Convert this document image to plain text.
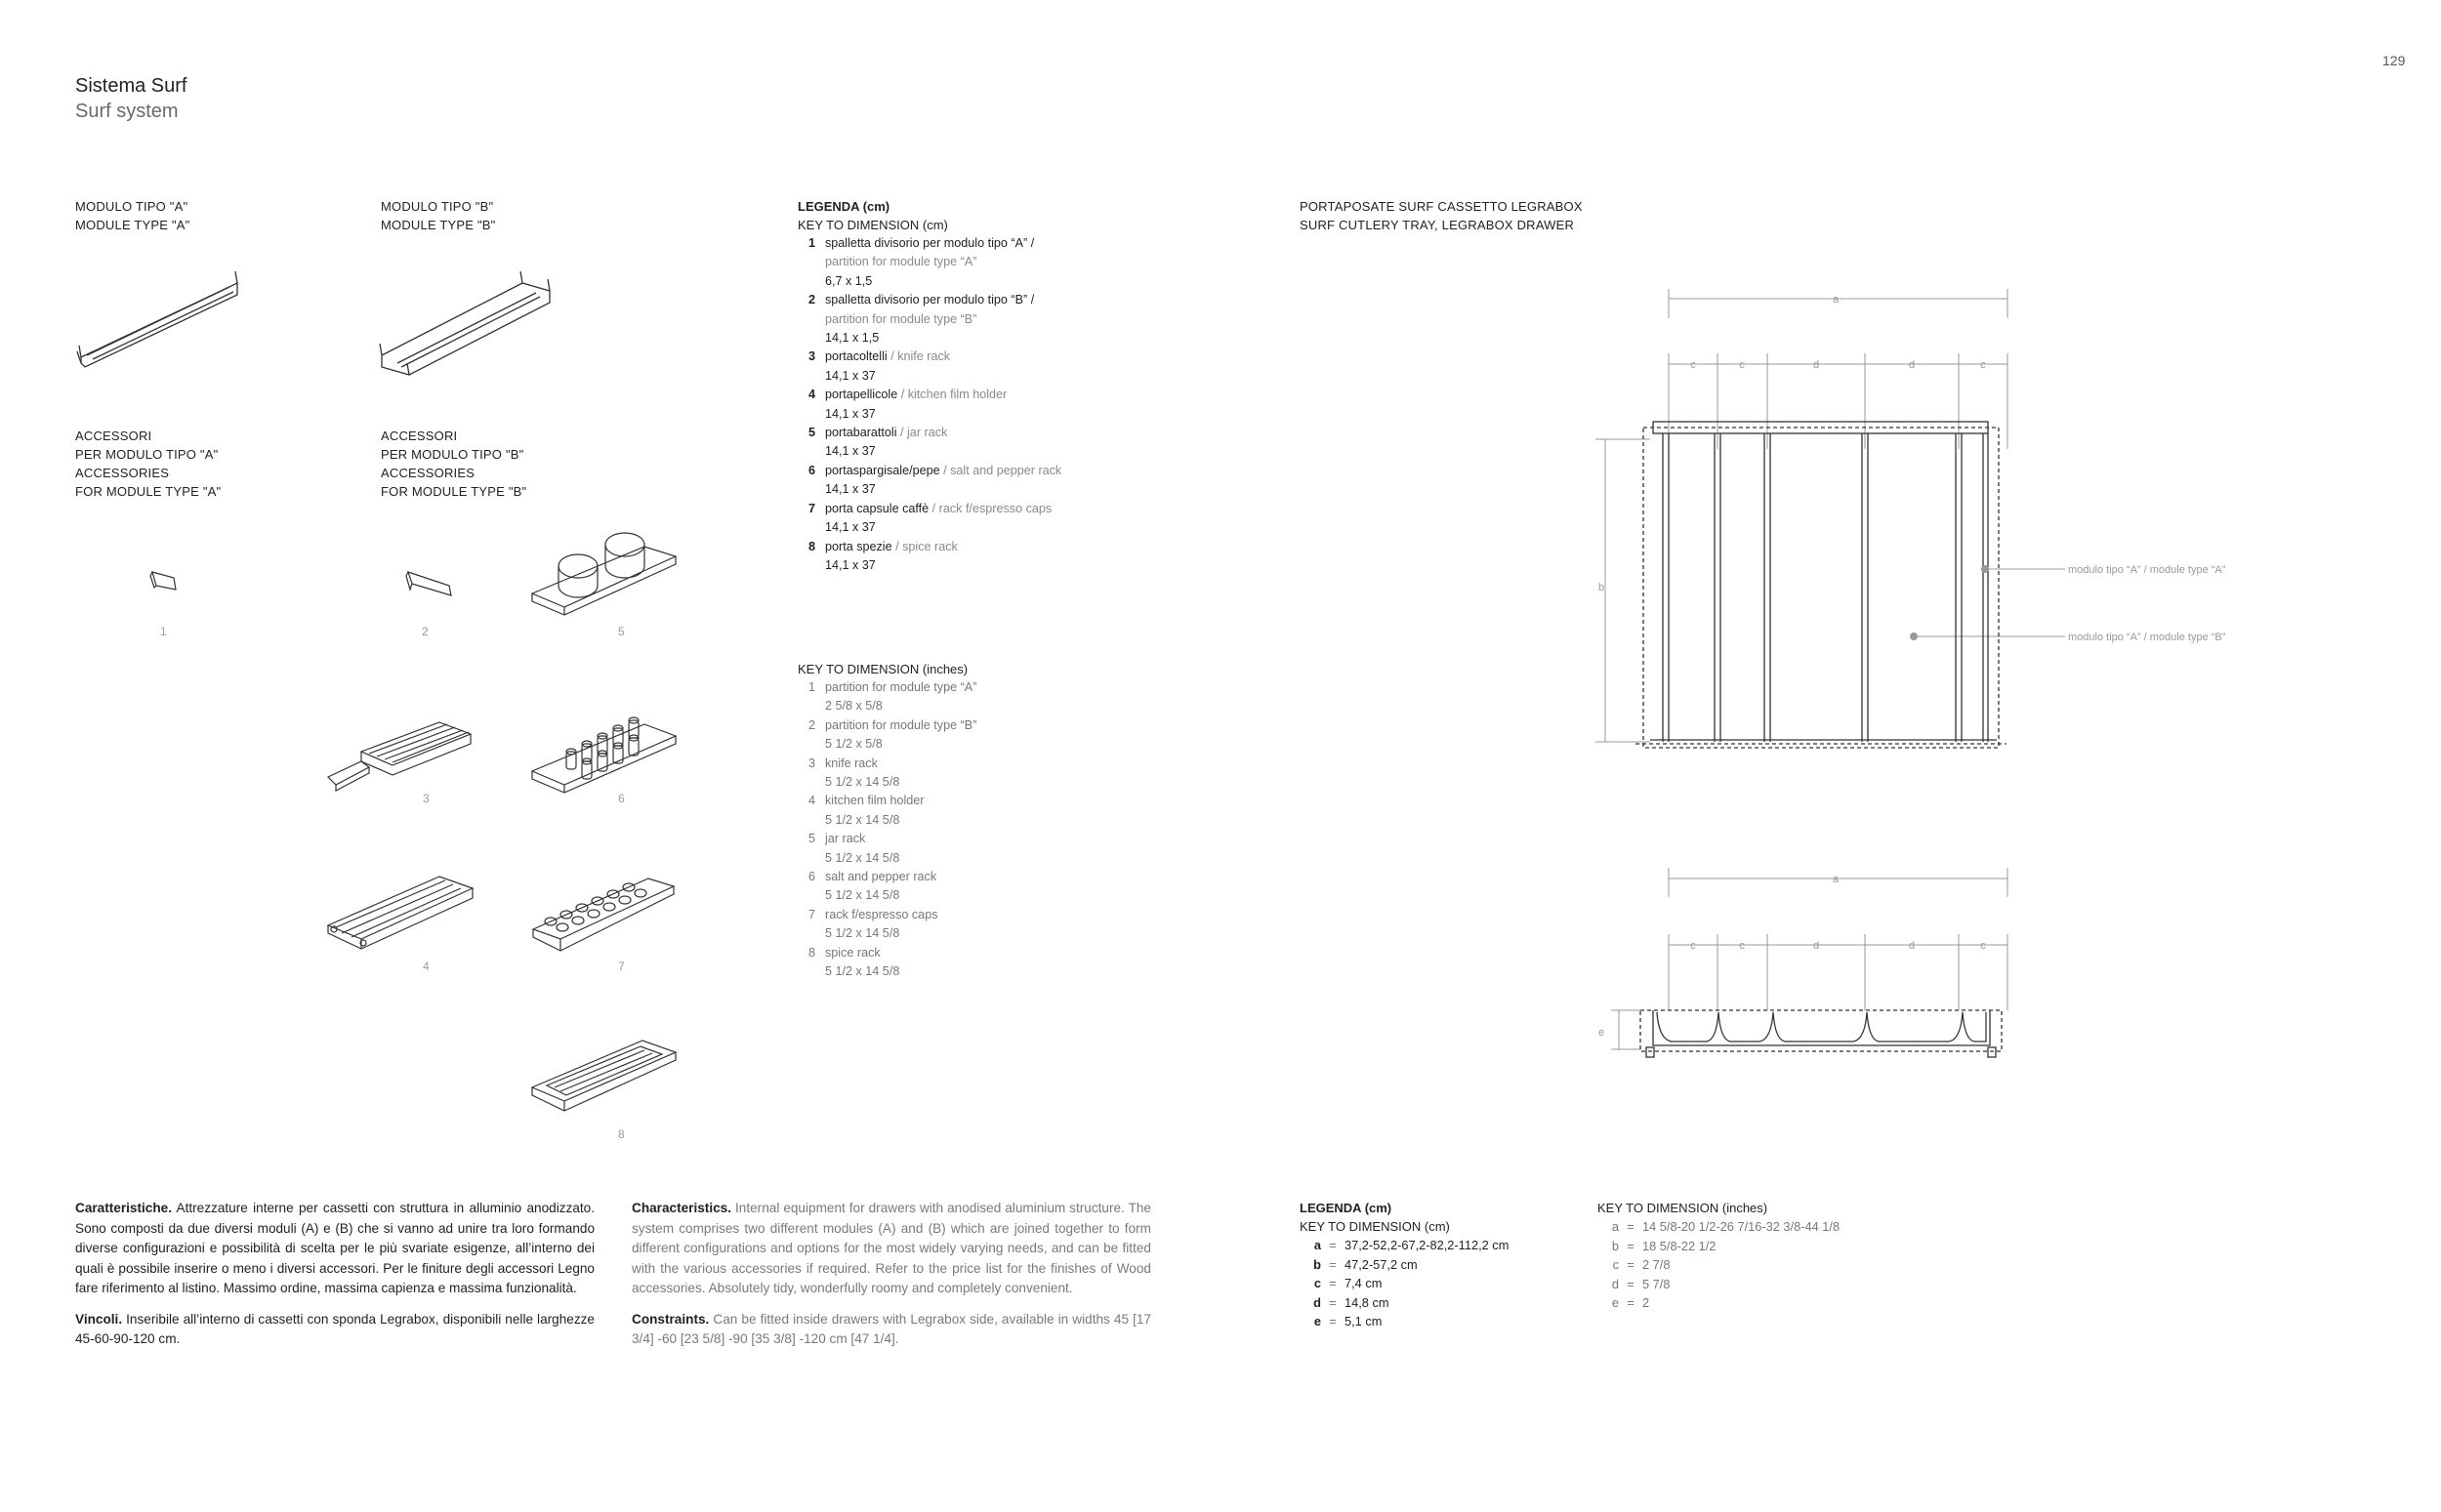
129
Sistema Surf
Surf system
MODULO TIPO "A"
MODULE TYPE "A"
MODULO TIPO "B"
MODULE TYPE "B"
ACCESSORI
PER MODULO TIPO "A"
ACCESSORIES
FOR MODULE TYPE "A"
ACCESSORI
PER MODULO TIPO "B"
ACCESSORIES
FOR MODULE TYPE "B"
1	2	5
3	6
4	7
8
LEGENDA (cm)
KEY TO DIMENSION (cm)
1 spalletta divisorio per modulo tipo “A” /
partition for module type “A”
6,7 x 1,5
2 spalletta divisorio per modulo tipo “B” /
partition for module type “B”
14,1 x 1,5
3 portacoltelli / knife rack
14,1 x 37
4 portapellicole / kitchen film holder
14,1 x 37
5 portabarattoli / jar rack
14,1 x 37
6 portaspargisale/pepe / salt and pepper rack
14,1 x 37
7 porta capsule caffè / rack f/espresso caps
14,1 x 37
8 porta spezie / spice rack
14,1 x 37
KEY TO DIMENSION (inches)
1 partition for module type “A”
2 5/8 x 5/8
2 partition for module type “B”
5 1/2 x 5/8
3 knife rack
5 1/2 x 14 5/8
4 kitchen film holder
5 1/2 x 14 5/8
5 jar rack
5 1/2 x 14 5/8
6 salt and pepper rack
5 1/2 x 14 5/8
7 rack f/espresso caps
5 1/2 x 14 5/8
8 spice rack
5 1/2 x 14 5/8
PORTAPOSATE SURF CASSETTO LEGRABOX
SURF CUTLERY TRAY, LEGRABOX DRAWER
a
c	c	d	d	c
b
modulo tipo “A” / module type “A”
modulo tipo “A” / module type “B”
a
c	c	d	d	c
e

Caratteristiche. Attrezzature interne per cassetti con struttura in alluminio anodizzato. Sono composti da due diversi moduli (A) e (B) che si vanno ad unire tra loro formando diverse configurazioni e possibilità di scelta per le più svariate esigenze, all’interno dei quali è possibile inserire o meno i diversi accessori. Per le finiture degli accessori Legno fare riferimento al listino. Massimo ordine, massima capienza e massima funzionalità.

Vincoli. Inseribile all’interno di cassetti con sponda Legrabox, disponibili nelle larghezze 45-60-90-120 cm.

Characteristics. Internal equipment for drawers with anodised aluminium structure. The system comprises two different modules (A) and (B) which are joined together to form different configurations and options for the most widely varying needs, and can be fitted with the various accessories if required. Refer to the price list for the finishes of Wood accessories. Absolutely tidy, wonderfully roomy and completely convenient.

Constraints. Can be fitted inside drawers with Legrabox side, available in widths 45 [17 3/4] -60 [23 5/8] -90 [35 3/8] -120 cm [47 1/4].

LEGENDA (cm)
KEY TO DIMENSION (cm)
a = 37,2-52,2-67,2-82,2-112,2 cm
b = 47,2-57,2 cm
c = 7,4 cm
d = 14,8 cm
e = 5,1 cm
KEY TO DIMENSION (inches)
a = 14 5/8-20 1/2-26 7/16-32 3/8-44 1/8
b = 18 5/8-22 1/2
c = 2 7/8
d = 5 7/8
e = 2
